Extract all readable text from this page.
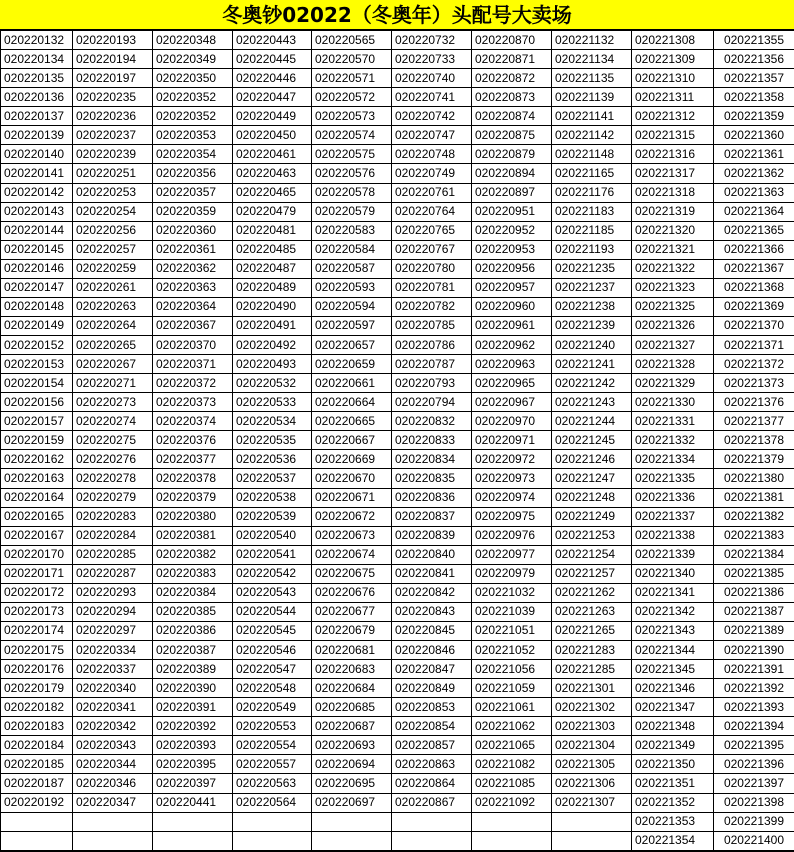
冬奥钞02022（冬奥年）头配号大卖场
020220132	020220193	020220348	020220443	020220565	020220732	020220870	020221132	020221308	020221355
020220134	020220194	020220349	020220445	020220570	020220733	020220871	020221134	020221309	020221356
020220135	020220197	020220350	020220446	020220571	020220740	020220872	020221135	020221310	020221357
020220136	020220235	020220352	020220447	020220572	020220741	020220873	020221139	020221311	020221358
020220137	020220236	020220352	020220449	020220573	020220742	020220874	020221141	020221312	020221359
020220139	020220237	020220353	020220450	020220574	020220747	020220875	020221142	020221315	020221360
020220140	020220239	020220354	020220461	020220575	020220748	020220879	020221148	020221316	020221361
020220141	020220251	020220356	020220463	020220576	020220749	020220894	020221165	020221317	020221362
020220142	020220253	020220357	020220465	020220578	020220761	020220897	020221176	020221318	020221363
020220143	020220254	020220359	020220479	020220579	020220764	020220951	020221183	020221319	020221364
020220144	020220256	020220360	020220481	020220583	020220765	020220952	020221185	020221320	020221365
020220145	020220257	020220361	020220485	020220584	020220767	020220953	020221193	020221321	020221366
020220146	020220259	020220362	020220487	020220587	020220780	020220956	020221235	020221322	020221367
020220147	020220261	020220363	020220489	020220593	020220781	020220957	020221237	020221323	020221368
020220148	020220263	020220364	020220490	020220594	020220782	020220960	020221238	020221325	020221369
020220149	020220264	020220367	020220491	020220597	020220785	020220961	020221239	020221326	020221370
020220152	020220265	020220370	020220492	020220657	020220786	020220962	020221240	020221327	020221371
020220153	020220267	020220371	020220493	020220659	020220787	020220963	020221241	020221328	020221372
020220154	020220271	020220372	020220532	020220661	020220793	020220965	020221242	020221329	020221373
020220156	020220273	020220373	020220533	020220664	020220794	020220967	020221243	020221330	020221376
020220157	020220274	020220374	020220534	020220665	020220832	020220970	020221244	020221331	020221377
020220159	020220275	020220376	020220535	020220667	020220833	020220971	020221245	020221332	020221378
020220162	020220276	020220377	020220536	020220669	020220834	020220972	020221246	020221334	020221379
020220163	020220278	020220378	020220537	020220670	020220835	020220973	020221247	020221335	020221380
020220164	020220279	020220379	020220538	020220671	020220836	020220974	020221248	020221336	020221381
020220165	020220283	020220380	020220539	020220672	020220837	020220975	020221249	020221337	020221382
020220167	020220284	020220381	020220540	020220673	020220839	020220976	020221253	020221338	020221383
020220170	020220285	020220382	020220541	020220674	020220840	020220977	020221254	020221339	020221384
020220171	020220287	020220383	020220542	020220675	020220841	020220979	020221257	020221340	020221385
020220172	020220293	020220384	020220543	020220676	020220842	020221032	020221262	020221341	020221386
020220173	020220294	020220385	020220544	020220677	020220843	020221039	020221263	020221342	020221387
020220174	020220297	020220386	020220545	020220679	020220845	020221051	020221265	020221343	020221389
020220175	020220334	020220387	020220546	020220681	020220846	020221052	020221283	020221344	020221390
020220176	020220337	020220389	020220547	020220683	020220847	020221056	020221285	020221345	020221391
020220179	020220340	020220390	020220548	020220684	020220849	020221059	020221301	020221346	020221392
020220182	020220341	020220391	020220549	020220685	020220853	020221061	020221302	020221347	020221393
020220183	020220342	020220392	020220553	020220687	020220854	020221062	020221303	020221348	020221394
020220184	020220343	020220393	020220554	020220693	020220857	020221065	020221304	020221349	020221395
020220185	020220344	020220395	020220557	020220694	020220863	020221082	020221305	020221350	020221396
020220187	020220346	020220397	020220563	020220695	020220864	020221085	020221306	020221351	020221397
020220192	020220347	020220441	020220564	020220697	020220867	020221092	020221307	020221352	020221398
								020221353	020221399
								020221354	020221400
